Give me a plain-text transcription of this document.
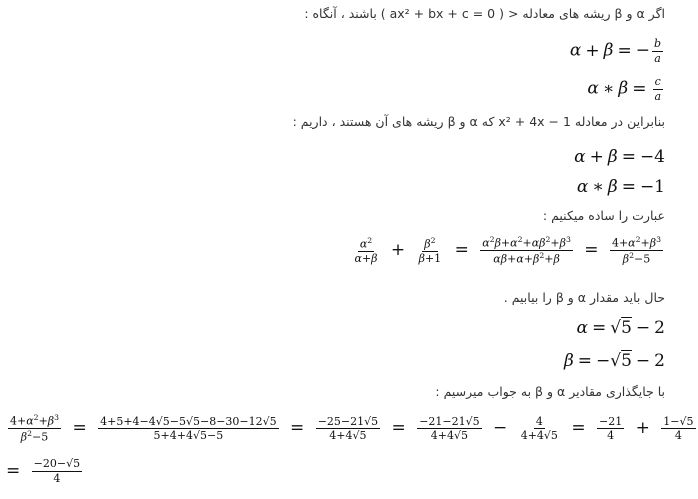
اگر α و β ریشه های معادله < ( ax² + bx + c = 0 ) باشند ، آنگاه :
α + β = − $\frac{b}{a}$
α ∗ $\beta = \frac{c}{a}$
بنابراین در معادله x² + 4x − 1 که α و β ریشه های آن هستند ، داریم :
α + β = −4
α ∗ β = −1
عبارت را ساده میکنیم :
$\frac{\alpha^2}{\alpha+\beta} + \frac{\beta^2}{\beta+1} = \frac{\alpha^2\beta+\alpha^2+\alpha\beta^2+\beta^3}{\alpha\beta+\alpha+\beta^2+\beta} = \frac{4+\alpha^2+\beta^3}{\beta^2-5}$
حال باید مقدار α و β را بیابیم .
α = √5 − 2
β = −√5 − 2
با جایگذاری مقادیر α و β به جواب میرسیم :
$\frac{4+\alpha^2+\beta^3}{\beta^2-5} = \frac{4+5+4-4√5-5√5-8-30-12√5}{5+4+4√5-5} = \frac{-25-21√5}{4+4√5} = \frac{-21-21√5}{4+4√5} - \frac{4}{4+4√5} = \frac{-21}{4} + \frac{1-√5}{4}$
= $\frac{-20-√5}{4}$
